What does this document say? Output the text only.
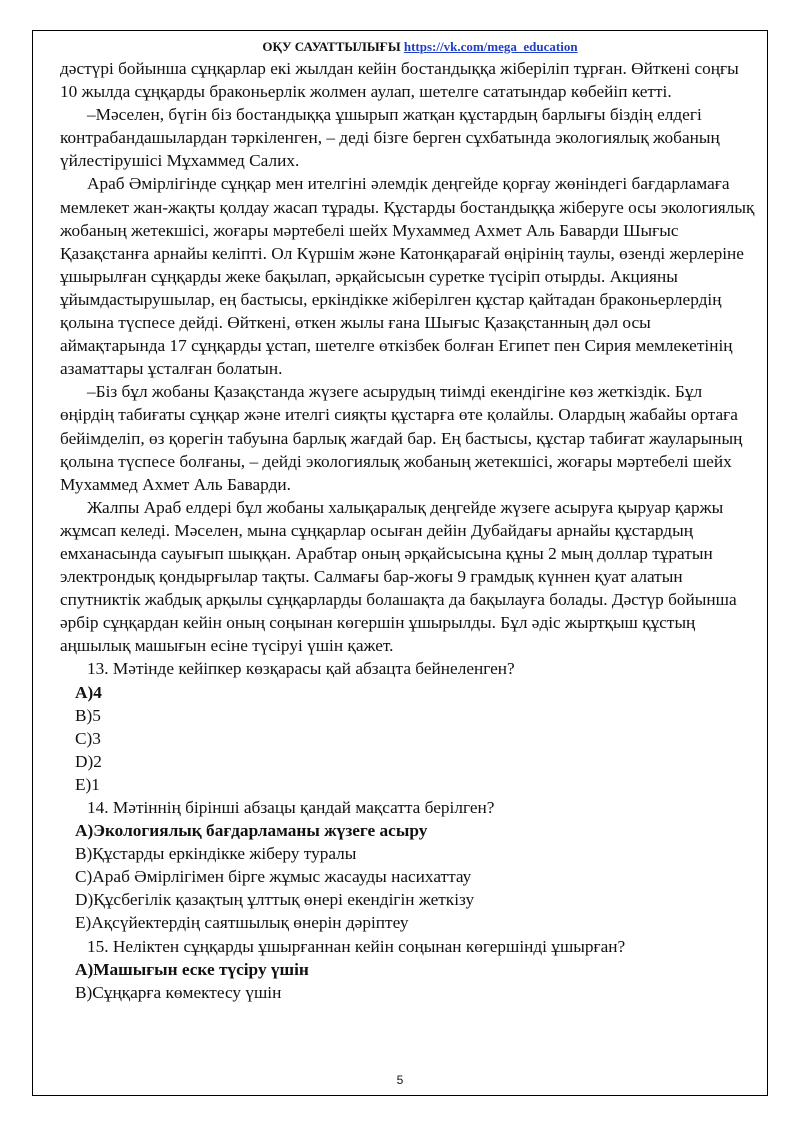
ОҚУ САУАТТЫЛЫҒЫ https://vk.com/mega_education

дәстүрі бойынша сұңқарлар екі жылдан кейін бостандыққа жіберіліп тұрған. Өйткені соңғы 10 жылда сұңқарды браконьерлік жолмен аулап, шетелге сататындар көбейіп кетті.

–Мәселен, бүгін біз бостандыққа ұшырып жатқан құстардың барлығы біздің елдегі контрабандашылардан тәркіленген, – деді бізге берген сұхбатында экологиялық жобаның үйлестірушісі Мұхаммед Салих.

Араб Әмірлігінде сұңқар мен ителгіні әлемдік деңгейде қорғау жөніндегі бағдарламаға мемлекет жан-жақты қолдау жасап тұрады. Құстарды бостандыққа жіберуге осы экологиялық жобаның жетекшісі, жоғары мәртебелі шейх Мухаммед Ахмет Аль Баварди Шығыс Қазақстанға арнайы келіпті. Ол Күршім және Катонқарағай өңірінің таулы, өзенді жерлеріне ұшырылған сұңқарды жеке бақылап, әрқайсысын суретке түсіріп отырды. Акцияны ұйымдастырушылар, ең бастысы, еркіндікке жіберілген құстар қайтадан браконьерлердің қолына түспесе дейді. Өйткені, өткен жылы ғана Шығыс Қазақстанның дәл осы аймақтарында 17 сұңқарды ұстап, шетелге өткізбек болған Египет пен Сирия мемлекетінің азаматтары ұсталған болатын.

–Біз бұл жобаны Қазақстанда жүзеге асырудың тиімді екендігіне көз жеткіздік. Бұл өңірдің табиғаты сұңқар және ителгі сияқты құстарға өте қолайлы. Олардың жабайы ортаға бейімделіп, өз қорегін табуына барлық жағдай бар. Ең бастысы, құстар табиғат жауларының қолына түспесе болғаны, – дейді экологиялық жобаның жетекшісі, жоғары мәртебелі шейх Мухаммед Ахмет Аль Баварди.

Жалпы Араб елдері бұл жобаны халықаралық деңгейде жүзеге асыруға қыруар қаржы жұмсап келеді. Мәселен, мына сұңқарлар осыған дейін Дубайдағы арнайы құстардың емханасында сауығып шыққан. Арабтар оның әрқайсысына құны 2 мың доллар тұратын электрондық қондырғылар тақты. Салмағы бар-жоғы 9 грамдық күннен қуат алатын спутниктік жабдық арқылы сұңқарларды болашақта да бақылауға болады. Дәстүр бойынша әрбір сұңқардан кейін оның соңынан көгершін ұшырылды. Бұл әдіс жыртқыш құстың аңшылық машығын есіне түсіруі үшін қажет.

13. Мәтінде кейіпкер көзқарасы қай абзацта бейнеленген?

А)4

В)5

С)3

D)2

Е)1

14. Мәтіннің бірінші абзацы қандай мақсатта берілген?

А)Экологиялық бағдарламаны жүзеге асыру

В)Құстарды еркіндікке жіберу туралы

С)Араб Әмірлігімен бірге жұмыс жасауды насихаттау

D)Құсбегілік қазақтың ұлттық өнері екендігін жеткізу

Е)Ақсүйектердің саятшылық өнерін дәріптеу

15. Неліктен сұңқарды ұшырғаннан кейін соңынан көгершінді ұшырған?

А)Машығын еске түсіру үшін

В)Сұңқарға көмектесу үшін

5
